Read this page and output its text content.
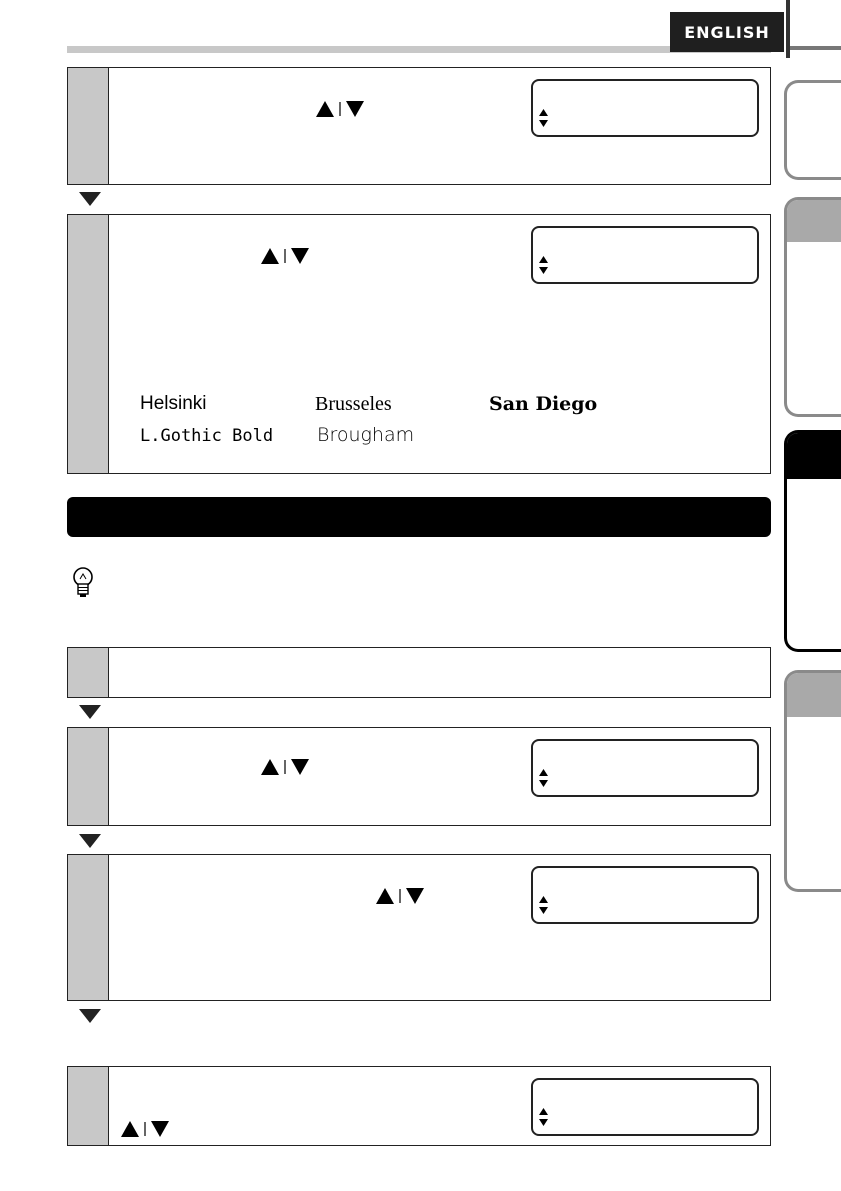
ENGLISH
Helsinki	Brusseles	San Diego
L.Gothic Bold Brougham
